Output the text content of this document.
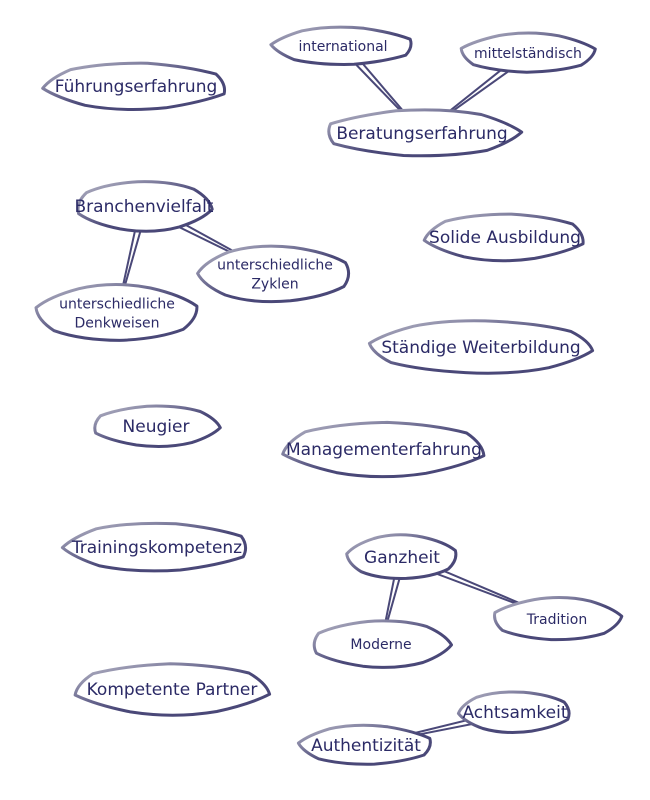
Führungserfahrung
international	mittelständisch
Beratungserfahrung
Branchenvielfalt
Solide Ausbildung
unterschiedliche Zyklen
unterschiedliche Denkweisen
Ständige Weiterbildung
Neugier
Managementerfahrung
Trainingskompetenz	Ganzheit
Tradition
Moderne
Kompetente Partner
Achtsamkeit
Authentizität
